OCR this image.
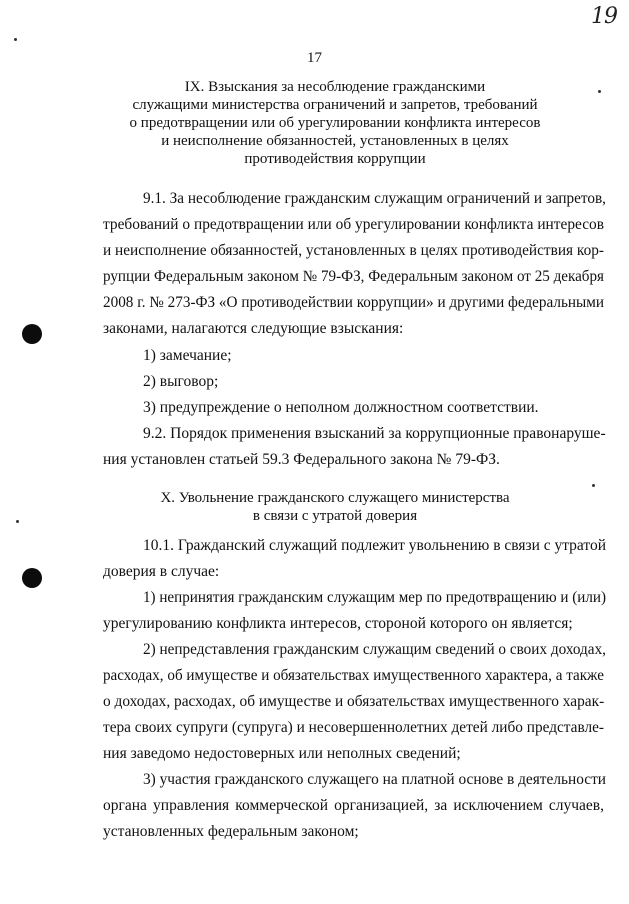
19
17
IX. Взыскания за несоблюдение гражданскими
служащими министерства ограничений и запретов, требований
о предотвращении или об урегулировании конфликта интересов
и неисполнение обязанностей, установленных в целях
противодействия коррупции
9.1. За несоблюдение гражданским служащим ограничений и запретов,
требований о предотвращении или об урегулировании конфликта интересов
и неисполнение обязанностей, установленных в целях противодействия кор-
рупции Федеральным законом № 79-ФЗ, Федеральным законом от 25 декабря
2008 г. № 273-ФЗ «О противодействии коррупции» и другими федеральными
законами, налагаются следующие взыскания:
1) замечание;
2) выговор;
3) предупреждение о неполном должностном соответствии.
9.2. Порядок применения взысканий за коррупционные правонаруше-
ния установлен статьей 59.3 Федерального закона № 79-ФЗ.
X. Увольнение гражданского служащего министерства
в связи с утратой доверия
10.1. Гражданский служащий подлежит увольнению в связи с утратой
доверия в случае:
1) непринятия гражданским служащим мер по предотвращению и (или)
урегулированию конфликта интересов, стороной которого он является;
2) непредставления гражданским служащим сведений о своих доходах,
расходах, об имуществе и обязательствах имущественного характера, а также
о доходах, расходах, об имуществе и обязательствах имущественного харак-
тера своих супруги (супруга) и несовершеннолетних детей либо представле-
ния заведомо недостоверных или неполных сведений;
3) участия гражданского служащего на платной основе в деятельности
органа управления коммерческой организацией, за исключением случаев,
установленных федеральным законом;
